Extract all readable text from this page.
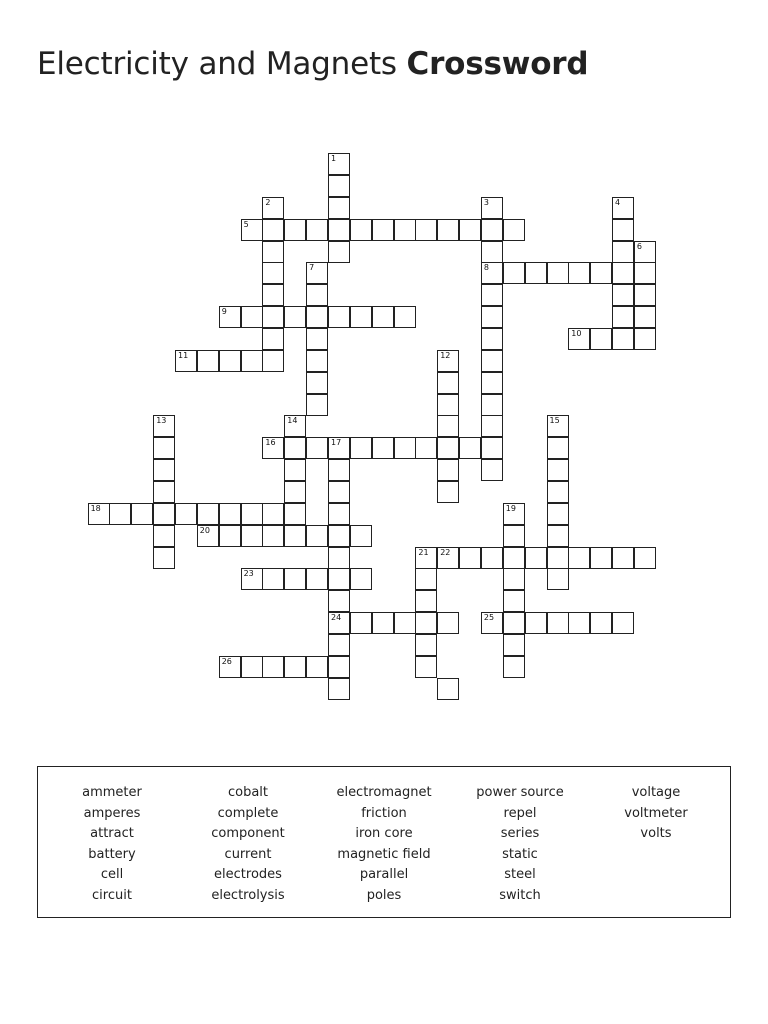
Electricity and Magnets Crossword
1
2	3
8
4
5
6
7
9
10
11	12
13	14	15
16	17
24
18	19
20
21 22
23
25
26
ammeter
amperes
attract
battery
cell
circuit
cobalt
complete
component
current
electrodes
electrolysis
electromagnet
friction
iron core
magnetic field
parallel
poles
power source
repel
series
static
steel
switch
voltage
voltmeter
volts
